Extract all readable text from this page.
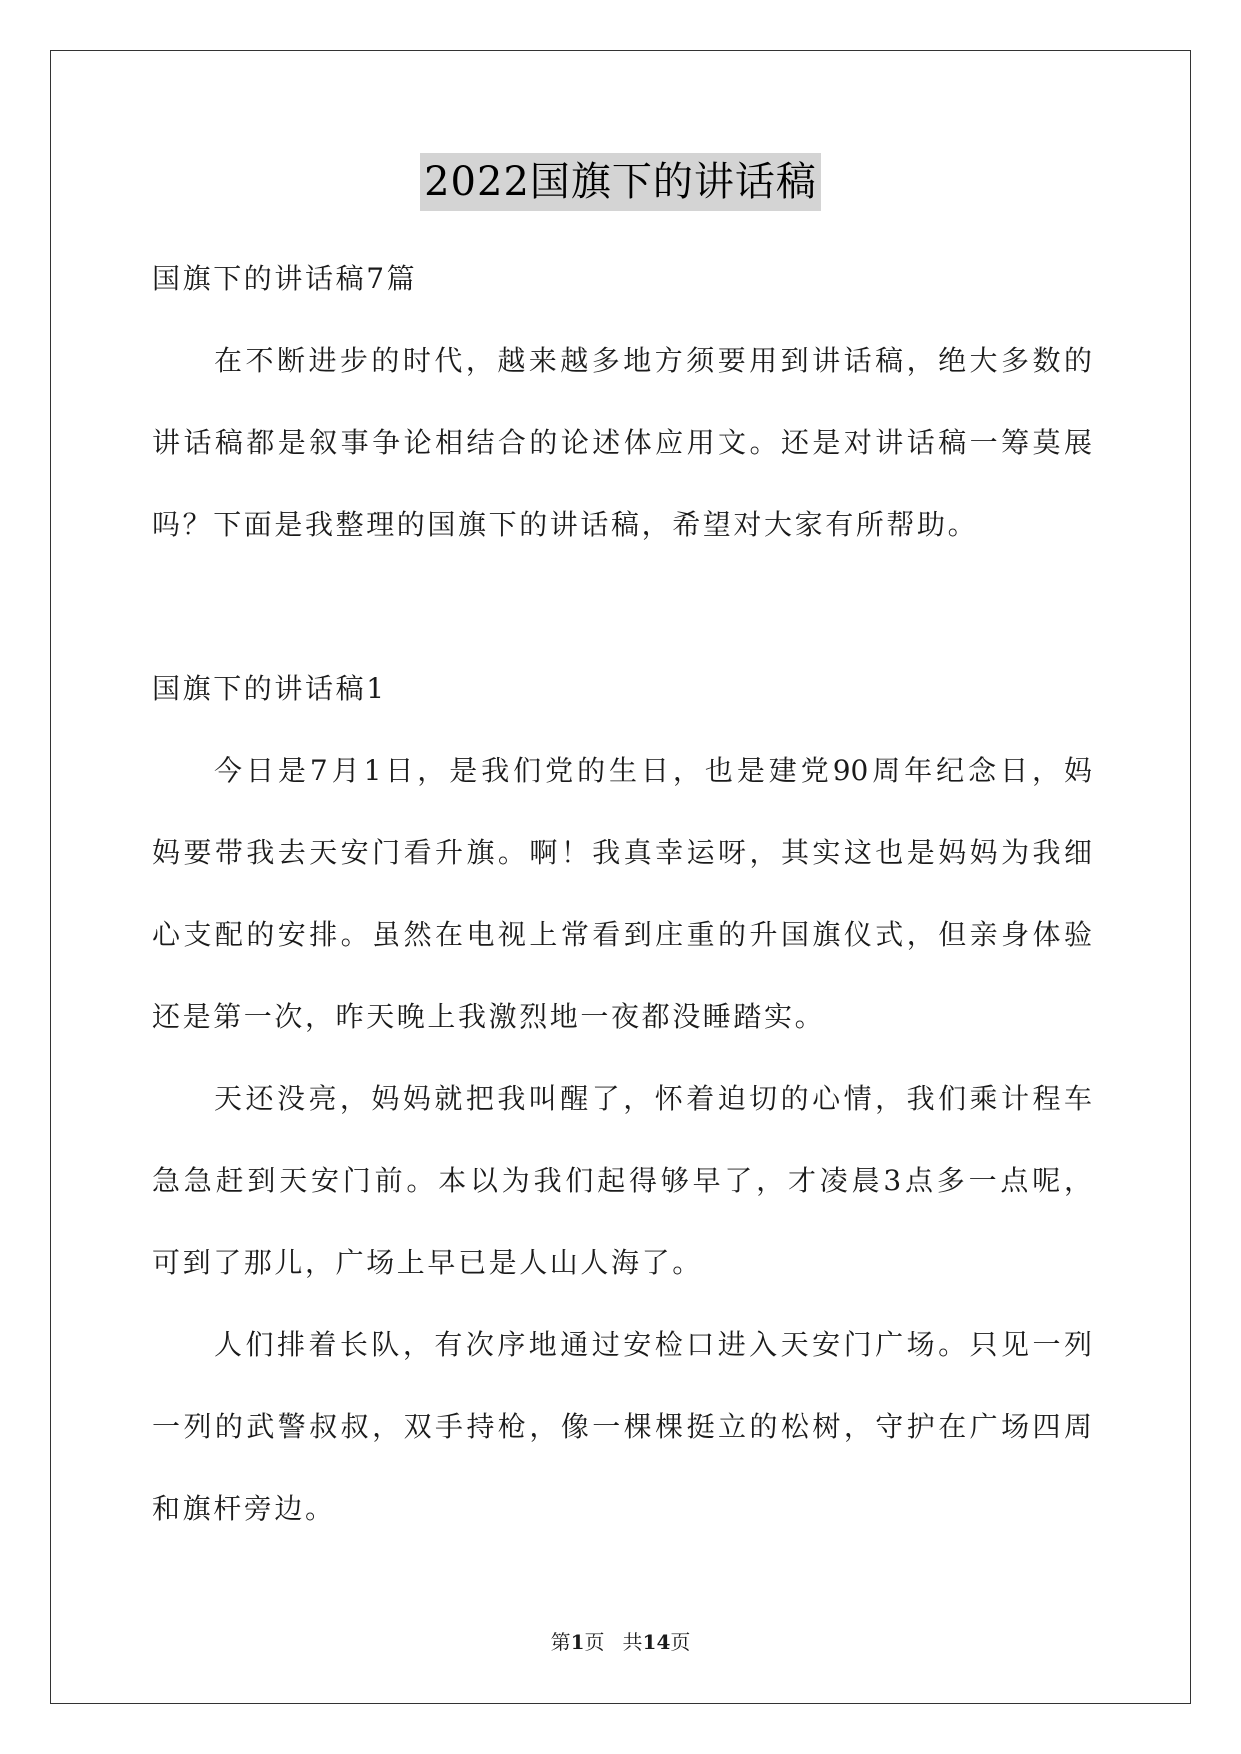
2022国旗下的讲话稿
国旗下的讲话稿7篇
在不断进步的时代，越来越多地方须要用到讲话稿，绝大多数的
讲话稿都是叙事争论相结合的论述体应用文。还是对讲话稿一筹莫展
吗？下面是我整理的国旗下的讲话稿，希望对大家有所帮助。
国旗下的讲话稿1
今日是7月1日，是我们党的生日，也是建党90周年纪念日，妈
妈要带我去天安门看升旗。啊！我真幸运呀，其实这也是妈妈为我细
心支配的安排。虽然在电视上常看到庄重的升国旗仪式，但亲身体验
还是第一次，昨天晚上我激烈地一夜都没睡踏实。
天还没亮，妈妈就把我叫醒了，怀着迫切的心情，我们乘计程车
急急赶到天安门前。本以为我们起得够早了，才凌晨3点多一点呢，
可到了那儿，广场上早已是人山人海了。
人们排着长队，有次序地通过安检口进入天安门广场。只见一列
一列的武警叔叔，双手持枪，像一棵棵挺立的松树，守护在广场四周
和旗杆旁边。
第1页 共14页
